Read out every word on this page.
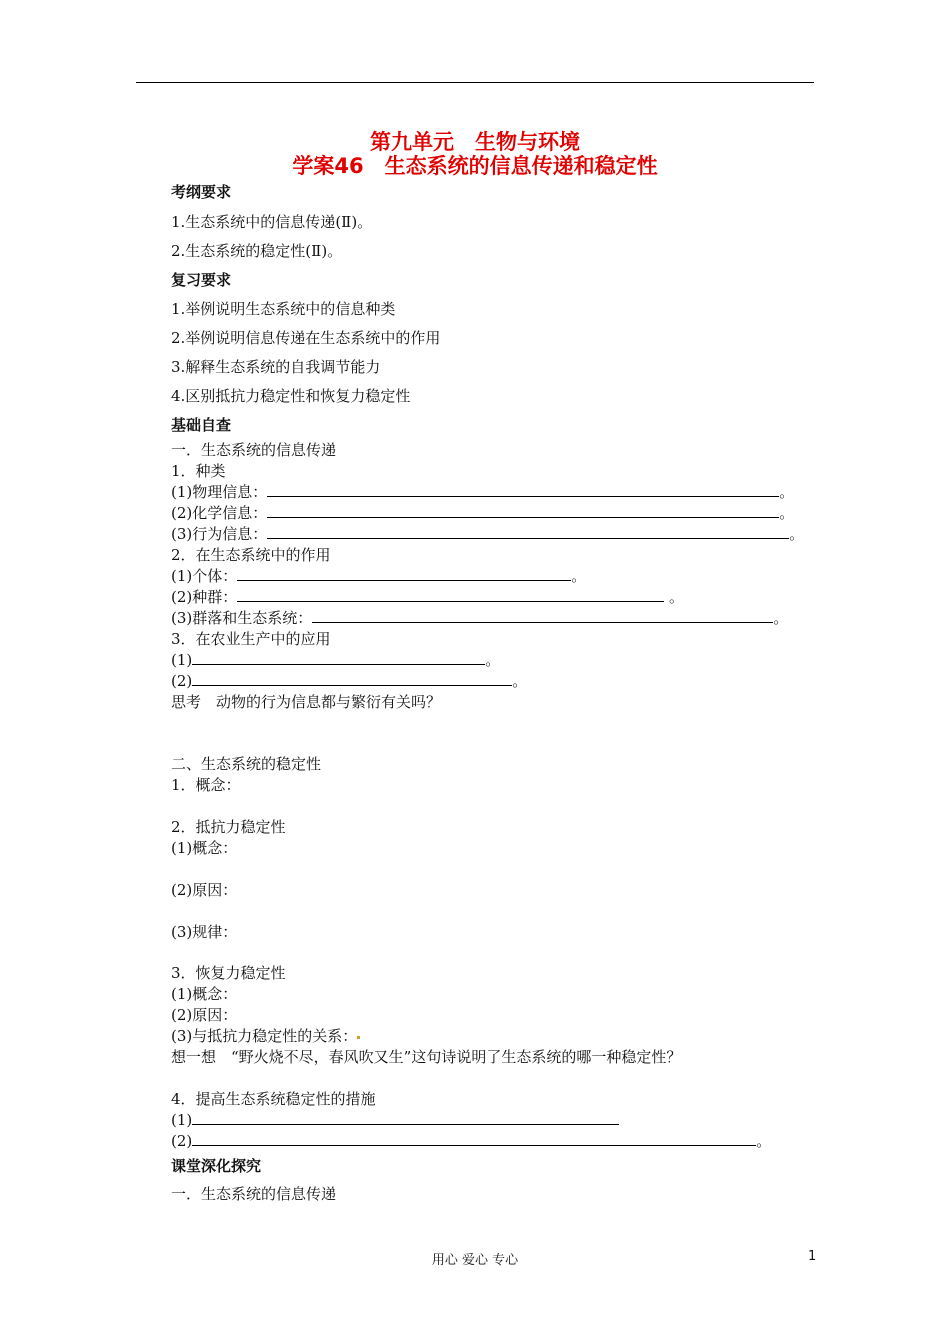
第九单元　生物与环境
学案46　生态系统的信息传递和稳定性
考纲要求
1.生态系统中的信息传递(Ⅱ)。
2.生态系统的稳定性(Ⅱ)。
复习要求
1.举例说明生态系统中的信息种类
2.举例说明信息传递在生态系统中的作用
3.解释生态系统的自我调节能力
4.区别抵抗力稳定性和恢复力稳定性
基础自查
一．生态系统的信息传递
1．种类
(1)物理信息：	。
(2)化学信息：	。
(3)行为信息：	。
2．在生态系统中的作用
(1)个体：	。
(2)种群：	。
(3)群落和生态系统：	。
3．在农业生产中的应用
(1)	。
(2)	。
思考　动物的行为信息都与繁衍有关吗？
二、生态系统的稳定性
1．概念：
2．抵抗力稳定性
(1)概念：
(2)原因：
(3)规律：
3．恢复力稳定性
(1)概念：
(2)原因：
(3)与抵抗力稳定性的关系：
想一想　“野火烧不尽，春风吹又生”这句诗说明了生态系统的哪一种稳定性？
4．提高生态系统稳定性的措施
(1)
(2)	。
课堂深化探究
一．生态系统的信息传递
用心 爱心 专心	1
